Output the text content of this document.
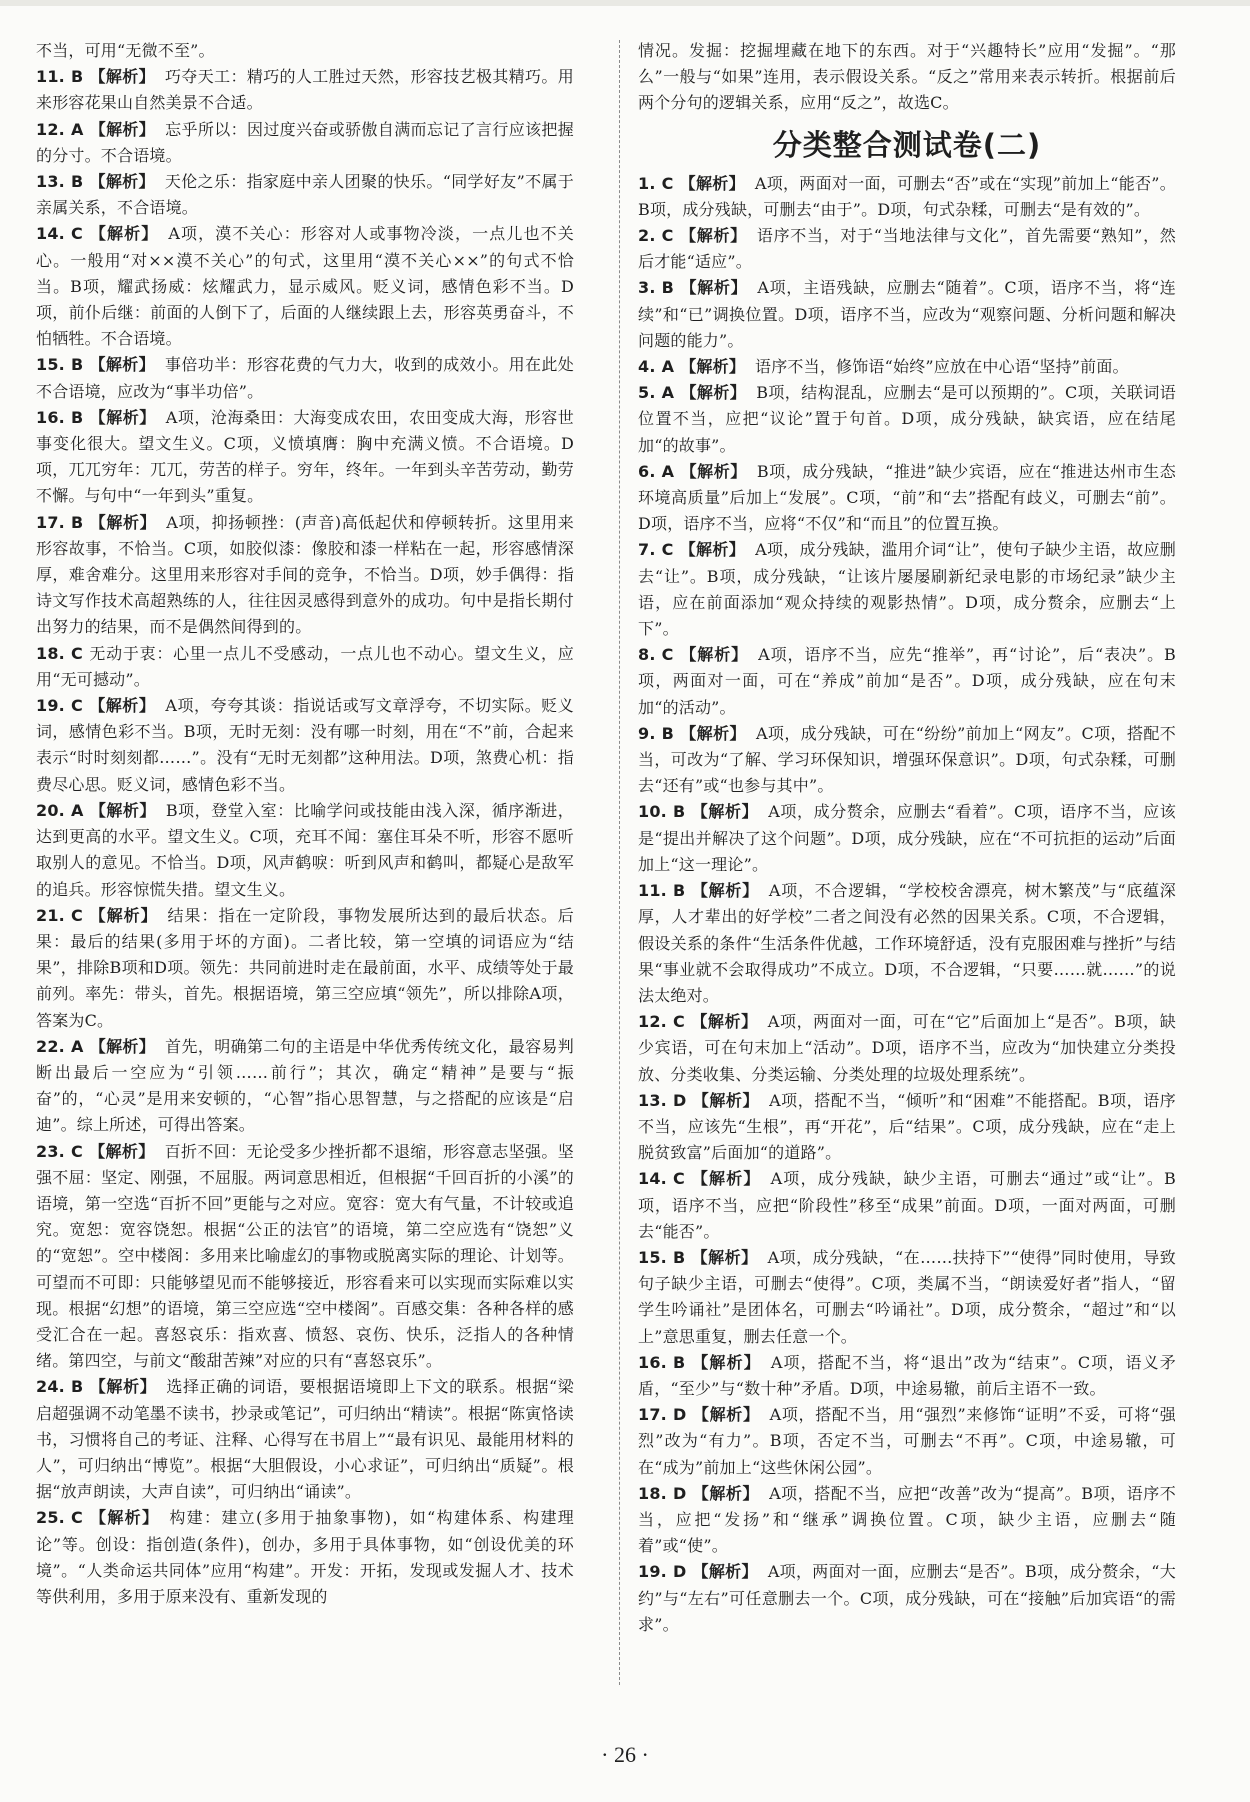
不当，可用“无微不至”。

11. B 【解析】 巧夺天工：精巧的人工胜过天然，形容技艺极其精巧。用来形容花果山自然美景不合适。

12. A 【解析】 忘乎所以：因过度兴奋或骄傲自满而忘记了言行应该把握的分寸。不合语境。

13. B 【解析】 天伦之乐：指家庭中亲人团聚的快乐。“同学好友”不属于亲属关系，不合语境。

14. C 【解析】 A项，漠不关心：形容对人或事物冷淡，一点儿也不关心。一般用“对××漠不关心”的句式，这里用“漠不关心××”的句式不恰当。B项，耀武扬威：炫耀武力，显示威风。贬义词，感情色彩不当。D项，前仆后继：前面的人倒下了，后面的人继续跟上去，形容英勇奋斗，不怕牺牲。不合语境。

15. B 【解析】 事倍功半：形容花费的气力大，收到的成效小。用在此处不合语境，应改为“事半功倍”。

16. B 【解析】 A项，沧海桑田：大海变成农田，农田变成大海，形容世事变化很大。望文生义。C项，义愤填膺：胸中充满义愤。不合语境。D项，兀兀穷年：兀兀，劳苦的样子。穷年，终年。一年到头辛苦劳动，勤劳不懈。与句中“一年到头”重复。

17. B 【解析】 A项，抑扬顿挫：(声音)高低起伏和停顿转折。这里用来形容故事，不恰当。C项，如胶似漆：像胶和漆一样粘在一起，形容感情深厚，难舍难分。这里用来形容对手间的竞争，不恰当。D项，妙手偶得：指诗文写作技术高超熟练的人，往往因灵感得到意外的成功。句中是指长期付出努力的结果，而不是偶然间得到的。

18. C 无动于衷：心里一点儿不受感动，一点儿也不动心。望文生义，应用“无可撼动”。

19. C 【解析】 A项，夸夸其谈：指说话或写文章浮夸，不切实际。贬义词，感情色彩不当。B项，无时无刻：没有哪一时刻，用在“不”前，合起来表示“时时刻刻都……”。没有“无时无刻都”这种用法。D项，煞费心机：指费尽心思。贬义词，感情色彩不当。

20. A 【解析】 B项，登堂入室：比喻学问或技能由浅入深，循序渐进，达到更高的水平。望文生义。C项，充耳不闻：塞住耳朵不听，形容不愿听取别人的意见。不恰当。D项，风声鹤唳：听到风声和鹤叫，都疑心是敌军的追兵。形容惊慌失措。望文生义。

21. C 【解析】 结果：指在一定阶段，事物发展所达到的最后状态。后果：最后的结果(多用于坏的方面)。二者比较，第一空填的词语应为“结果”，排除B项和D项。领先：共同前进时走在最前面，水平、成绩等处于最前列。率先：带头，首先。根据语境，第三空应填“领先”，所以排除A项，答案为C。

22. A 【解析】 首先，明确第二句的主语是中华优秀传统文化，最容易判断出最后一空应为“引领……前行”；其次，确定“精神”是要与“振奋”的，“心灵”是用来安顿的，“心智”指心思智慧，与之搭配的应该是“启迪”。综上所述，可得出答案。

23. C 【解析】 百折不回：无论受多少挫折都不退缩，形容意志坚强。坚强不屈：坚定、刚强，不屈服。两词意思相近，但根据“千回百折的小溪”的语境，第一空选“百折不回”更能与之对应。宽容：宽大有气量，不计较或追究。宽恕：宽容饶恕。根据“公正的法官”的语境，第二空应选有“饶恕”义的“宽恕”。空中楼阁：多用来比喻虚幻的事物或脱离实际的理论、计划等。可望而不可即：只能够望见而不能够接近，形容看来可以实现而实际难以实现。根据“幻想”的语境，第三空应选“空中楼阁”。百感交集：各种各样的感受汇合在一起。喜怒哀乐：指欢喜、愤怒、哀伤、快乐，泛指人的各种情绪。第四空，与前文“酸甜苦辣”对应的只有“喜怒哀乐”。

24. B 【解析】 选择正确的词语，要根据语境即上下文的联系。根据“梁启超强调不动笔墨不读书，抄录或笔记”，可归纳出“精读”。根据“陈寅恪读书，习惯将自己的考证、注释、心得写在书眉上”“最有识见、最能用材料的人”，可归纳出“博览”。根据“大胆假设，小心求证”，可归纳出“质疑”。根据“放声朗读，大声自读”，可归纳出“诵读”。

25. C 【解析】 构建：建立(多用于抽象事物)，如“构建体系、构建理论”等。创设：指创造(条件)，创办，多用于具体事物，如“创设优美的环境”。“人类命运共同体”应用“构建”。开发：开拓，发现或发掘人才、技术等供利用，多用于原来没有、重新发现的

情况。发掘：挖掘埋藏在地下的东西。对于“兴趣特长”应用“发掘”。“那么”一般与“如果”连用，表示假设关系。“反之”常用来表示转折。根据前后两个分句的逻辑关系，应用“反之”，故选C。

分类整合测试卷(二)

1. C 【解析】 A项，两面对一面，可删去“否”或在“实现”前加上“能否”。B项，成分残缺，可删去“由于”。D项，句式杂糅，可删去“是有效的”。

2. C 【解析】 语序不当，对于“当地法律与文化”，首先需要“熟知”，然后才能“适应”。

3. B 【解析】 A项，主语残缺，应删去“随着”。C项，语序不当，将“连续”和“已”调换位置。D项，语序不当，应改为“观察问题、分析问题和解决问题的能力”。

4. A 【解析】 语序不当，修饰语“始终”应放在中心语“坚持”前面。

5. A 【解析】 B项，结构混乱，应删去“是可以预期的”。C项，关联词语位置不当，应把“议论”置于句首。D项，成分残缺，缺宾语，应在结尾加“的故事”。

6. A 【解析】 B项，成分残缺，“推进”缺少宾语，应在“推进达州市生态环境高质量”后加上“发展”。C项，“前”和“去”搭配有歧义，可删去“前”。D项，语序不当，应将“不仅”和“而且”的位置互换。

7. C 【解析】 A项，成分残缺，滥用介词“让”，使句子缺少主语，故应删去“让”。B项，成分残缺，“让该片屡屡刷新纪录电影的市场纪录”缺少主语，应在前面添加“观众持续的观影热情”。D项，成分赘余，应删去“上下”。

8. C 【解析】 A项，语序不当，应先“推举”，再“讨论”，后“表决”。B项，两面对一面，可在“养成”前加“是否”。D项，成分残缺，应在句末加“的活动”。

9. B 【解析】 A项，成分残缺，可在“纷纷”前加上“网友”。C项，搭配不当，可改为“了解、学习环保知识，增强环保意识”。D项，句式杂糅，可删去“还有”或“也参与其中”。

10. B 【解析】 A项，成分赘余，应删去“看着”。C项，语序不当，应该是“提出并解决了这个问题”。D项，成分残缺，应在“不可抗拒的运动”后面加上“这一理论”。

11. B 【解析】 A项，不合逻辑，“学校校舍漂亮，树木繁茂”与“底蕴深厚，人才辈出的好学校”二者之间没有必然的因果关系。C项，不合逻辑，假设关系的条件“生活条件优越，工作环境舒适，没有克服困难与挫折”与结果“事业就不会取得成功”不成立。D项，不合逻辑，“只要……就……”的说法太绝对。

12. C 【解析】 A项，两面对一面，可在“它”后面加上“是否”。B项，缺少宾语，可在句末加上“活动”。D项，语序不当，应改为“加快建立分类投放、分类收集、分类运输、分类处理的垃圾处理系统”。

13. D 【解析】 A项，搭配不当，“倾听”和“困难”不能搭配。B项，语序不当，应该先“生根”，再“开花”，后“结果”。C项，成分残缺，应在“走上脱贫致富”后面加“的道路”。

14. C 【解析】 A项，成分残缺，缺少主语，可删去“通过”或“让”。B项，语序不当，应把“阶段性”移至“成果”前面。D项，一面对两面，可删去“能否”。

15. B 【解析】 A项，成分残缺，“在……扶持下”“使得”同时使用，导致句子缺少主语，可删去“使得”。C项，类属不当，“朗读爱好者”指人，“留学生吟诵社”是团体名，可删去“吟诵社”。D项，成分赘余，“超过”和“以上”意思重复，删去任意一个。

16. B 【解析】 A项，搭配不当，将“退出”改为“结束”。C项，语义矛盾，“至少”与“数十种”矛盾。D项，中途易辙，前后主语不一致。

17. D 【解析】 A项，搭配不当，用“强烈”来修饰“证明”不妥，可将“强烈”改为“有力”。B项，否定不当，可删去“不再”。C项，中途易辙，可在“成为”前加上“这些休闲公园”。

18. D 【解析】 A项，搭配不当，应把“改善”改为“提高”。B项，语序不当，应把“发扬”和“继承”调换位置。C项，缺少主语，应删去“随着”或“使”。

19. D 【解析】 A项，两面对一面，应删去“是否”。B项，成分赘余，“大约”与“左右”可任意删去一个。C项，成分残缺，可在“接触”后加宾语“的需求”。

· 26 ·
